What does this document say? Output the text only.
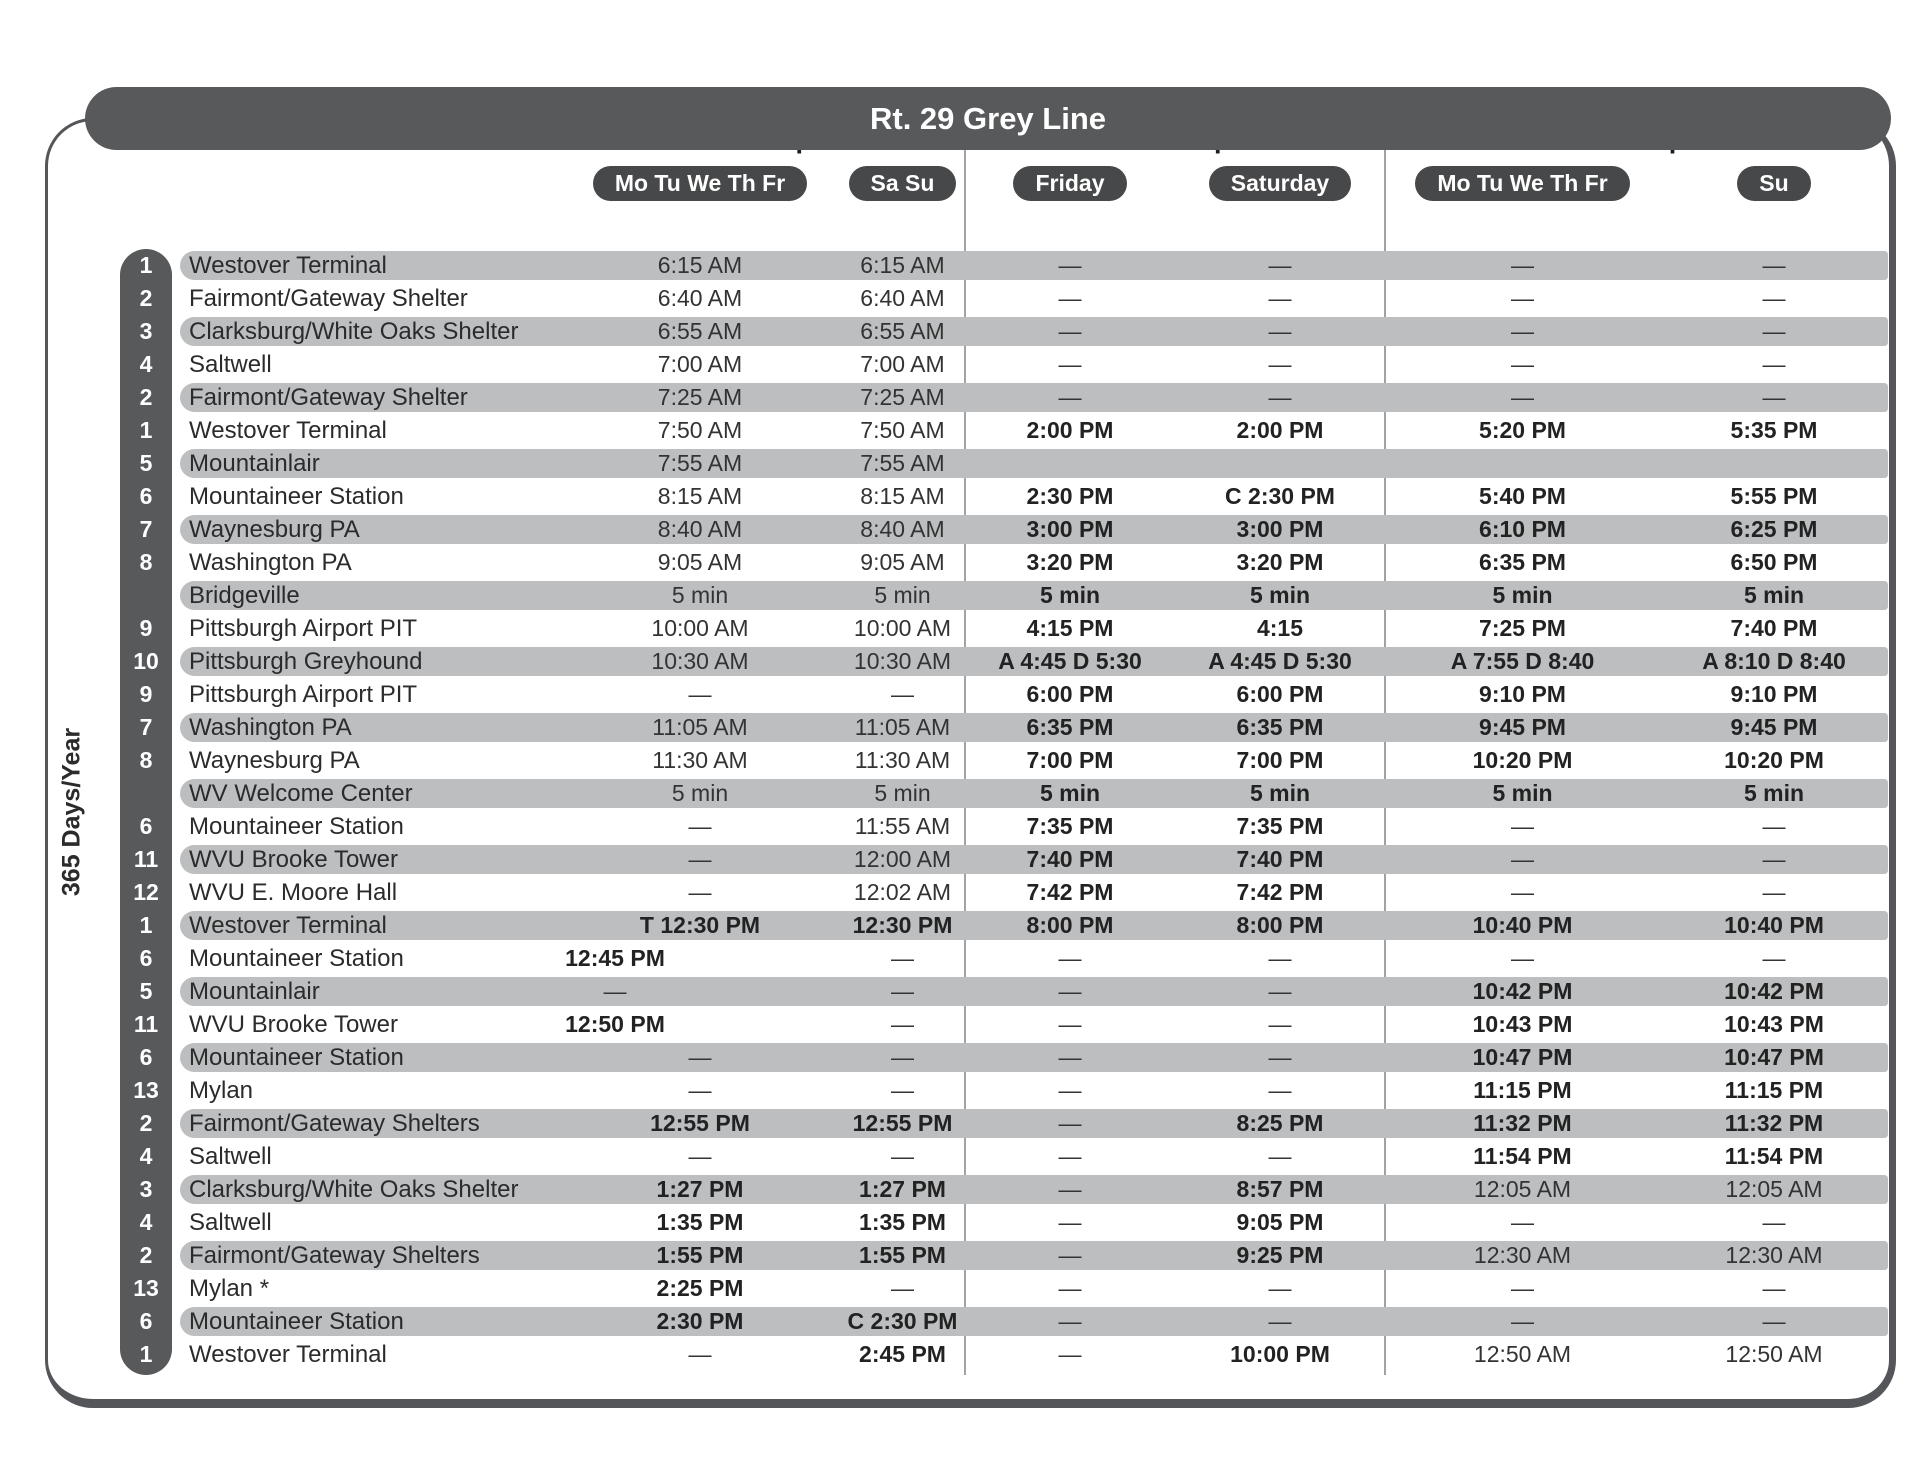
Rt. 29 Grey Line
365 Days/Year
Mo Tu We Th Fr	Sa Su	Friday	Saturday	Mo Tu We Th Fr	Su
1	Westover Terminal	6:15 AM	6:15 AM	—	—	—	—
2	Fairmont/Gateway Shelter	6:40 AM	6:40 AM	—	—	—	—
3	Clarksburg/White Oaks Shelter	6:55 AM	6:55 AM	—	—	—	—
4	Saltwell	7:00 AM	7:00 AM	—	—	—	—
2	Fairmont/Gateway Shelter	7:25 AM	7:25 AM	—	—	—	—
1	Westover Terminal	7:50 AM	7:50 AM	2:00 PM	2:00 PM	5:20 PM	5:35 PM
5	Mountainlair	7:55 AM	7:55 AM
6	Mountaineer Station	8:15 AM	8:15 AM	2:30 PM	C 2:30 PM	5:40 PM	5:55 PM
7	Waynesburg PA	8:40 AM	8:40 AM	3:00 PM	3:00 PM	6:10 PM	6:25 PM
8	Washington PA	9:05 AM	9:05 AM	3:20 PM	3:20 PM	6:35 PM	6:50 PM
Bridgeville	5 min	5 min	5 min	5 min	5 min	5 min
9	Pittsburgh Airport PIT	10:00 AM	10:00 AM	4:15 PM	4:15	7:25 PM	7:40 PM
10	Pittsburgh Greyhound	10:30 AM	10:30 AM	A 4:45 D 5:30	A 4:45 D 5:30	A 7:55 D 8:40	A 8:10 D 8:40
9	Pittsburgh Airport PIT	—	—	6:00 PM	6:00 PM	9:10 PM	9:10 PM
7	Washington PA	11:05 AM	11:05 AM	6:35 PM	6:35 PM	9:45 PM	9:45 PM
8	Waynesburg PA	11:30 AM	11:30 AM	7:00 PM	7:00 PM	10:20 PM	10:20 PM
WV Welcome Center	5 min	5 min	5 min	5 min	5 min	5 min
6	Mountaineer Station	—	11:55 AM	7:35 PM	7:35 PM	—	—
11	WVU Brooke Tower	—	12:00 AM	7:40 PM	7:40 PM	—	—
12	WVU E. Moore Hall	—	12:02 AM	7:42 PM	7:42 PM	—	—
1	Westover Terminal	T 12:30 PM	12:30 PM	8:00 PM	8:00 PM	10:40 PM	10:40 PM
6	Mountaineer Station	12:45 PM	—	—	—	—	—
5	Mountainlair	—	—	—	—	10:42 PM	10:42 PM
11	WVU Brooke Tower	12:50 PM	—	—	—	10:43 PM	10:43 PM
6	Mountaineer Station	—	—	—	—	10:47 PM	10:47 PM
13	Mylan	—	—	—	—	11:15 PM	11:15 PM
2	Fairmont/Gateway Shelters	12:55 PM	12:55 PM	—	8:25 PM	11:32 PM	11:32 PM
4	Saltwell	—	—	—	—	11:54 PM	11:54 PM
3	Clarksburg/White Oaks Shelter	1:27 PM	1:27 PM	—	8:57 PM	12:05 AM	12:05 AM
4	Saltwell	1:35 PM	1:35 PM	—	9:05 PM	—	—
2	Fairmont/Gateway Shelters	1:55 PM	1:55 PM	—	9:25 PM	12:30 AM	12:30 AM
13	Mylan *	2:25 PM	—	—	—	—	—
6	Mountaineer Station	2:30 PM	C 2:30 PM	—	—	—	—
1	Westover Terminal	—	2:45 PM	—	10:00 PM	12:50 AM	12:50 AM
